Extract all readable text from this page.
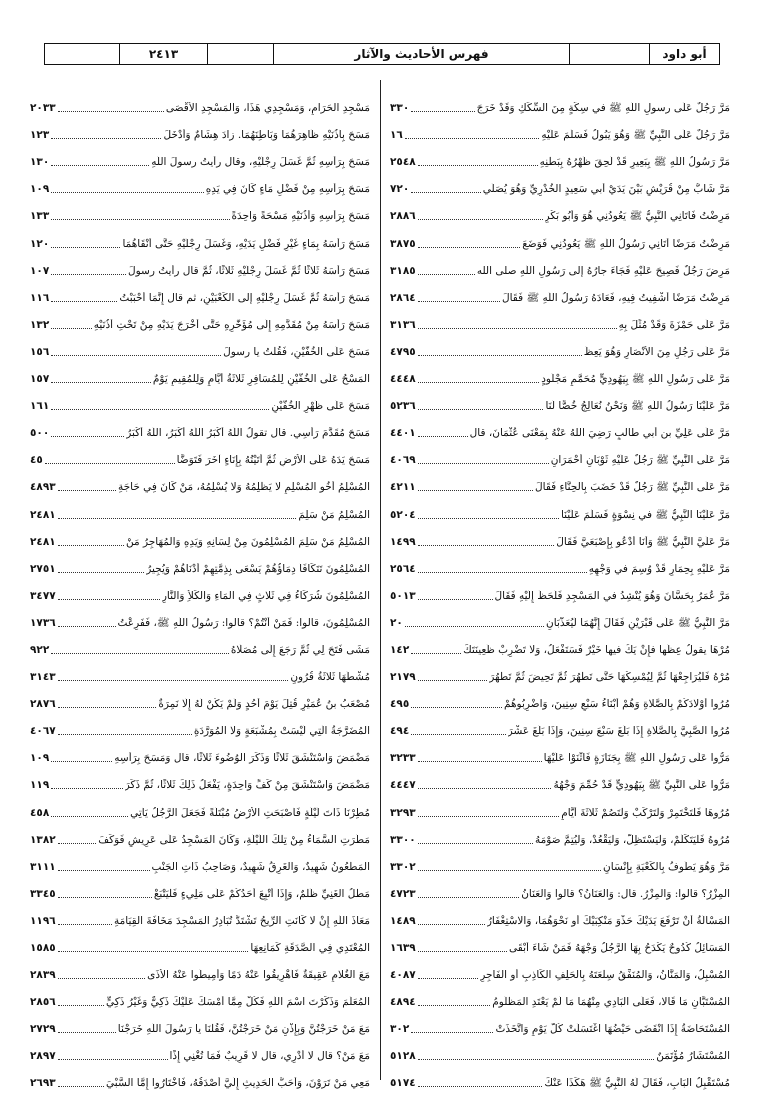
أبو داود
فهرس الأحاديث والآثار
٢٤١٣
مَرَّ رَجُلٌ عَلَى رسولِ اللَّهِ ﷺ في سِكَّةٍ مِنَ السِّكَكِ وَقَدْ خَرَجَ
٣٣٠
مَرَّ رَجُلٌ عَلَى النَّبِيِّ ﷺ وَهُوَ يَبُولُ فَسَلَّمَ عَلَيْهِ
١٦
مَرَّ رَسُولُ اللَّهِ ﷺ بِبَعِيرٍ قَدْ لَحِقَ ظَهْرُهُ بِبَطْنِهِ
٢٥٤٨
مَرَّ شَابٌّ مِنْ قُرَيْشٍ بَيْنَ يَدَيْ أبي سَعِيدٍ الخُدْرِيِّ وَهُوَ يُصَلِّي
٧٢٠
مَرِضْتُ فَأَتَانِي النَّبِيُّ ﷺ يَعُودُنِي هُوَ وَأَبُو بَكْرٍ
٢٨٨٦
مَرِضْتُ مَرَضًا أَتَانِي رَسُولُ اللَّهِ ﷺ يَعُودُنِي فَوَضَعَ
٣٨٧٥
مَرِضَ رَجُلٌ فَصِيحَ عَلَيْهِ فَجَاءَ جارُهُ إلى رَسُولِ اللَّهِ صلى الله
٣١٨٥
مَرِضْتُ مَرَضًا أُشْفِيتُ فِيهِ، فَعَادَهُ رَسُولُ اللَّهِ ﷺ فَقَالَ
٢٨٦٤
مَرَّ عَلَى حَمْزَةَ وَقَدْ مُثِّلَ بِهِ
٣١٣٦
مَرَّ عَلَى رَجُلٍ مِنَ الأَنْصَارِ وَهُوَ يَعِظُ
٤٧٩٥
مَرَّ عَلَى رَسُولِ اللَّهِ ﷺ بِيَهُودِيٍّ مُحَمَّمٍ مَجْلُودٍ
٤٤٤٨
مَرَّ عَلَيْنَا رَسُولُ اللَّهِ ﷺ وَنَحْنُ نُعَالِجُ خُصًّا لَنَا
٥٢٣٦
مَرَّ عَلَى عَلِيِّ بن أبي طالبٍ رَضِيَ اللهُ عَنْهُ بِمَعْنَى عُثْمَانَ، قال
٤٤٠١
مَرَّ عَلَى النَّبِيِّ ﷺ رَجُلٌ عَلَيْهِ ثَوْبَانِ أَحْمَرَانِ
٤٠٦٩
مَرَّ عَلَى النَّبِيِّ ﷺ رَجُلٌ قَدْ خَضَبَ بِالحِنَّاءِ فَقَالَ
٤٢١١
مَرَّ عَلَيْنَا النَّبِيُّ ﷺ في نِسْوَةٍ فَسَلَّمَ عَلَيْنَا
٥٢٠٤
مَرَّ عَلَيَّ النَّبِيُّ ﷺ وَأَنَا أَدْعُو بِإِصْبَعَيَّ فَقَالَ
١٤٩٩
مَرَّ عَلَيْهِ بِحِمَارٍ قَدْ وُسِمَ في وَجْهِهِ
٢٥٦٤
مَرَّ عُمَرُ بِحَسَّانَ وَهُوَ يُنْشِدُ في المَسْجِدِ فَلَحَظَ إِلَيْهِ فَقَالَ
٥٠١٣
مَرَّ النَّبِيُّ ﷺ عَلَى قَبْرَيْنِ فَقَالَ إِنَّهُمَا لَيُعَذَّبَانِ
٢٠
مُرْهَا يقولُ عِظُها فإِنْ يَكُ فيها خَيْرٌ فَسَتَفْعَلُ، وَلا تَضْرِبْ ظَعِينَتَكَ
١٤٢
مُرْهُ فَلْيُرَاجِعْهَا ثُمَّ لِيُمْسِكْهَا حَتَّى تَطْهُرَ ثُمَّ تَحِيضَ ثُمَّ تَطْهُرَ
٢١٧٩
مُرُوا أَوْلادَكُمْ بِالصَّلاةِ وَهُمْ أَبْنَاءُ سَبْعِ سِنِينَ، وَاضْرِبُوهُمْ
٤٩٥
مُرُوا الصَّبِيَّ بِالصَّلاةِ إِذَا بَلَغَ سَبْعَ سِنِينَ، وَإِذَا بَلَغَ عَشْرَ
٤٩٤
مَرُّوا عَلَى رَسُولِ اللَّهِ ﷺ بِجَنَازَةٍ فَأَثْنَوْا عَلَيْهَا
٣٢٣٣
مَرُّوا عَلَى النَّبِيِّ ﷺ بِيَهُودِيٍّ قَدْ حُمِّمَ وَجْهُهُ
٤٤٤٧
مُرُوهَا فَلْتَخْتَمِرْ وَلْتَرْكَبْ وَلْتَصُمْ ثَلاثَةَ أَيَّامٍ
٣٢٩٣
مُرُوهُ فَلْيَتَكَلَّمْ، وَلْيَسْتَظِلَّ، وَلْيَقْعُدْ، وَلْيُتِمَّ صَوْمَهُ
٣٣٠٠
مَرَّ وَهُوَ يَطُوفُ بِالكَعْبَةِ بِإِنْسَانٍ
٣٣٠٢
المِزْرُ؟ قالوا: وَالمِزْرُ. قال: وَالعَنَانُ؟ قالوا وَالعَنَانُ
٤٧٢٣
المَسْأَلَةُ أَنْ تَرْفَعَ يَدَيْكَ حَذْوَ مَنْكِبَيْكَ أو نَحْوَهُمَا، وَالاسْتِغْفَارُ
١٤٨٩
المَسَائِلُ كُدُوحٌ يَكْدَحُ بِهَا الرَّجُلُ وَجْهَهُ فَمَنْ شَاءَ أَبْقَى
١٦٣٩
المُسْبِلُ، وَالمَنَّانُ، وَالمُنَفِّقُ سِلْعَتَهُ بِالحَلِفِ الكَاذِبِ أو الفَاجِرِ
٤٠٨٧
المُسْتَبَّانِ مَا قَالا، فَعَلَى البَادِي مِنْهُمَا مَا لَمْ يَعْتَدِ المَظْلُومُ
٤٨٩٤
المُسْتَحَاضَةُ إِذَا انْقَضَى حَيْضُهَا اغْتَسَلَتْ كُلَّ يَوْمٍ وَاتَّخَذَتْ
٣٠٢
المُسْتَشَارُ مُؤْتَمَنٌ
٥١٢٨
مُسْتَقْبِلُ البَابِ، فَقَالَ لَهُ النَّبِيُّ ﷺ هَكَذَا عَنْكَ
٥١٧٤
مَسْجِدِ الحَرَامِ، وَمَسْجِدِي هَذَا، وَالمَسْجِدِ الأَقْصَى
٢٠٣٣
مَسَحَ بِأُذُنَيْهِ ظَاهِرَهُمَا وَبَاطِنَهُمَا. زادَ هِشَامٌ وَأَدْخَلَ
١٢٣
مَسَحَ بِرَأْسِهِ ثُمَّ غَسَلَ رِجْلَيْهِ، وقال رأيتُ رسولَ اللَّهِ
١٣٠
مَسَحَ بِرَأْسِهِ مِنْ فَضْلِ مَاءٍ كَانَ فِي يَدِهِ
١٠٩
مَسَحَ بِرَأْسِهِ وَأُذُنَيْهِ مَسْحَةً وَاحِدَةً
١٣٣
مَسَحَ رَأْسَهُ بِمَاءٍ غَيْرِ فَضْلِ يَدَيْهِ، وَغَسَلَ رِجْلَيْهِ حَتَّى أَنْقَاهُمَا
١٢٠
مَسَحَ رَأْسَهُ ثَلاثًا ثُمَّ غَسَلَ رِجْلَيْهِ ثَلاثًا، ثُمَّ قال رأيتُ رسولَ
١٠٧
مَسَحَ رَأْسَهُ ثُمَّ غَسَلَ رِجْلَيْهِ إلى الكَعْبَيْنِ، ثم قال إِنَّمَا أَحْبَبْتُ
١١٦
مَسَحَ رَأْسَهُ مِنْ مُقَدَّمِهِ إِلَى مُؤَخَّرِهِ حَتَّى أَخْرَجَ يَدَيْهِ مِنْ تَحْتِ أُذُنَيْهِ
١٣٢
مَسَحَ عَلَى الخُفَّيْنِ، فَقُلْتُ يا رسولَ
١٥٦
المَسْحُ عَلَى الخُفَّيْنِ لِلْمُسَافِرِ ثَلاثَةُ أَيَّامٍ وَلِلْمُقِيمِ يَوْمٌ
١٥٧
مَسَحَ عَلَى ظَهْرِ الخُفَّيْنِ
١٦١
مَسَحَ مُقَدَّمَ رَأْسِي. قال تقولُ اللَّهُ أَكْبَرُ اللَّهُ أَكْبَرُ، اللَّهُ أَكْبَرُ
٥٠٠
مَسَحَ يَدَهُ عَلَى الأَرْضِ ثُمَّ أَتَيْتُهُ بِإِنَاءٍ آخَرَ فَتَوَضَّأَ
٤٥
المُسْلِمُ أَخُو المُسْلِمِ لا يَظْلِمُهُ وَلا يُسْلِمُهُ، مَنْ كَانَ فِي حَاجَةِ
٤٨٩٣
المُسْلِمُ مَنْ سَلِمَ
٢٤٨١
المُسْلِمُ مَنْ سَلِمَ المُسْلِمُونَ مِنْ لِسَانِهِ وَيَدِهِ وَالمُهَاجِرُ مَنْ
٢٤٨١
المُسْلِمُونَ تَتَكَافَأُ دِمَاؤُهُمْ يَسْعَى بِذِمَّتِهِمْ أَدْنَاهُمْ وَيُجِيرُ
٢٧٥١
المُسْلِمُونَ شُرَكَاءُ فِي ثَلاثٍ فِي المَاءِ وَالكَلأِ وَالنَّارِ
٣٤٧٧
المُسْلِمُونَ، قالوا: فَمَنْ أَنْتُمْ؟ قالوا: رَسُولُ اللَّهِ ﷺ، فَفَرِعْتُ
١٧٣٦
مَشَى فَتَحَ لِي ثُمَّ رَجَعَ إِلَى مُصَلَّاهُ
٩٢٢
مُشْطُهَا ثَلاثَةُ قُرُونٍ
٣١٤٣
مُصْعَبُ بنُ عُمَيْرٍ قُتِلَ يَوْمَ أُحُدٍ وَلَمْ يَكُنْ لَهُ إِلَّا نَمِرَةٌ
٢٨٧٦
المُضَرَّجَةُ الَّتِي لَيْسَتْ بِمُشْبَعَةٍ وَلا المُوَرَّدَةِ
٤٠٦٧
مَضْمَضَ وَاسْتَنْشَقَ ثَلاثًا وَذَكَرَ الوُضُوءَ ثَلاثًا، قال وَمَسَحَ بِرَأْسِهِ
١٠٩
مَضْمَضَ وَاسْتَنْشَقَ مِنْ كَفٍّ وَاحِدَةٍ، يَفْعَلُ ذَلِكَ ثَلاثًا، ثُمَّ ذَكَرَ
١١٩
مُطِرْنَا ذَاتَ لَيْلَةٍ فَأَصْبَحَتِ الأَرْضُ مُبْتَلَّةً فَجَعَلَ الرَّجُلُ يَأْتِي
٤٥٨
مَطَرَتِ السَّمَاءُ مِنْ تِلْكَ اللَّيْلَةِ، وَكَانَ المَسْجِدُ عَلَى عَرِيشٍ فَوَكَفَ
١٣٨٢
المَطْعُونُ شَهِيدٌ، وَالغَرِقُ شَهِيدٌ، وَصَاحِبُ ذَاتِ الجَنْبِ
٣١١١
مَطْلُ الغَنِيِّ ظُلْمٌ، وَإِذَا أُتْبِعَ أَحَدُكُمْ عَلَى مَلِيءٍ فَلْيَتْبَعْ
٣٣٤٥
مَعَاذَ اللَّهِ إِنْ لا كَانَتِ الرِّيحُ تَشْتَدُّ تُبَادِرُ المَسْجِدَ مَخَافَةَ القِيَامَةِ
١١٩٦
المُعْتَدِي فِي الصَّدَقَةِ كَمَانِعِهَا
١٥٨٥
مَعَ الغُلامِ عَقِيقَةٌ فَأَهْرِيقُوا عَنْهُ دَمًا وَأَمِيطُوا عَنْهُ الأَذَى
٢٨٣٩
المُعَلَّمَ وَذَكَرْتَ اسْمَ اللَّهِ فَكُلْ مِمَّا أَمْسَكَ عَلَيْكَ ذَكِيٌّ وَغَيْرُ ذَكِيٍّ
٢٨٥٦
مَعَ مَنْ خَرَجْتُنَّ وَبِإِذْنِ مَنْ خَرَجْتُنَّ، فَقُلْنَا يا رَسُولَ اللَّهِ خَرَجْنَا
٢٧٢٩
مَعَ مَنْ؟ قال لا أَدْرِي، قال لا قَرِيبٌ فَمَا تُغْنِي إِذًا
٢٨٩٧
مَعِي مَنْ تَرَوْنَ، وَأَحَبُّ الحَدِيثِ إِلَيَّ أَصْدَقُهُ، فَاخْتَارُوا إِمَّا السَّبْيَ
٢٦٩٣
